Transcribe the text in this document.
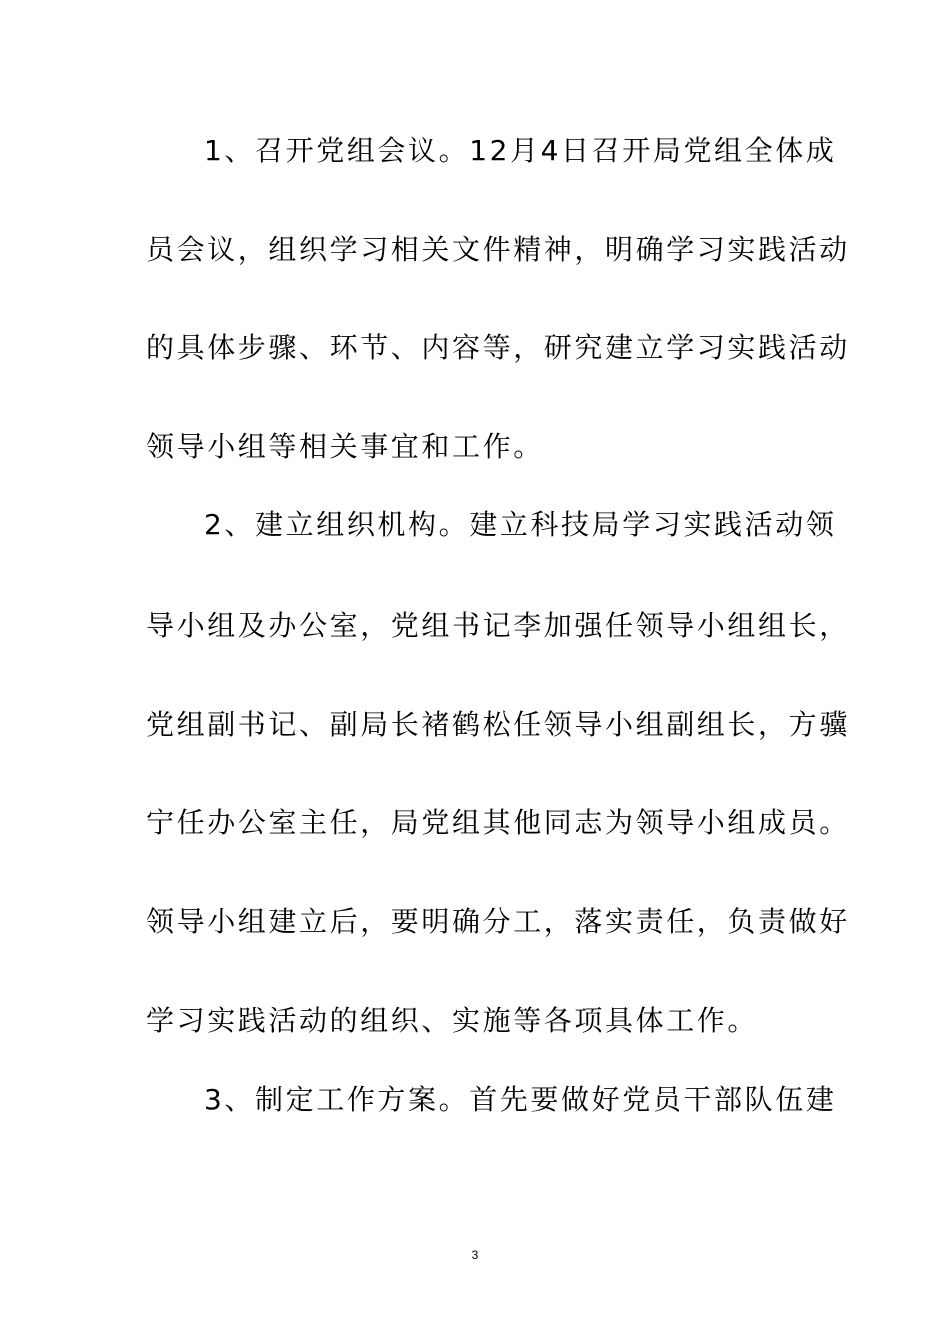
1、召开党组会议。12月4日召开局党组全体成
员会议，组织学习相关文件精神，明确学习实践活动
的具体步骤、环节、内容等，研究建立学习实践活动
领导小组等相关事宜和工作。
2、建立组织机构。建立科技局学习实践活动领
导小组及办公室，党组书记李加强任领导小组组长，
党组副书记、副局长褚鹤松任领导小组副组长，方骥
宁任办公室主任，局党组其他同志为领导小组成员。
领导小组建立后，要明确分工，落实责任，负责做好
学习实践活动的组织、实施等各项具体工作。
3、制定工作方案。首先要做好党员干部队伍建
3
